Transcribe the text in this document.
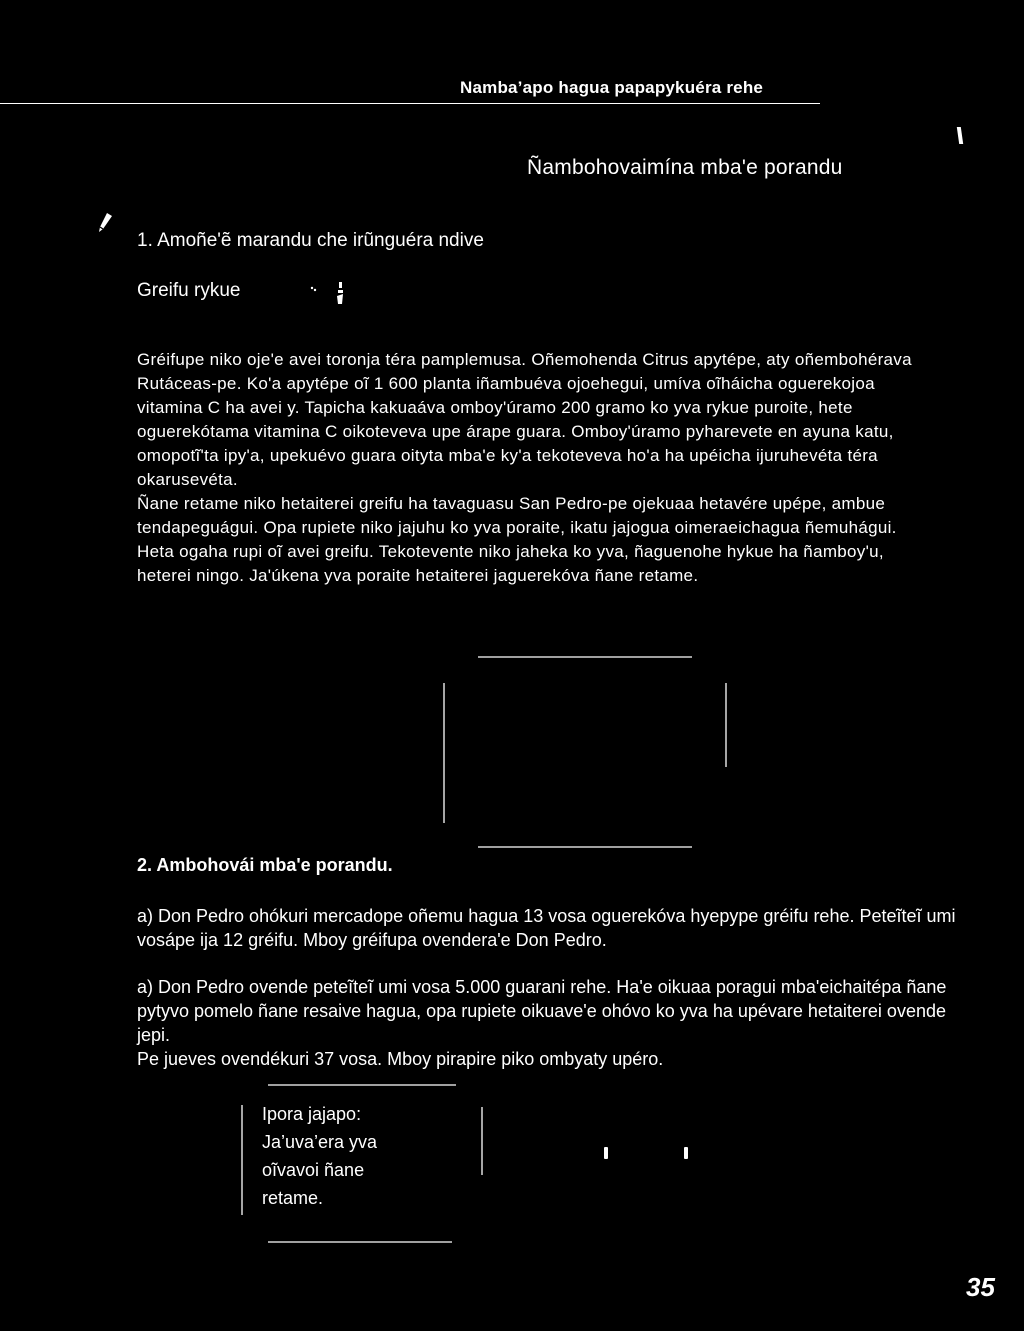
Namba’apo hagua papapykuéra rehe
Ñambohovaimína mba'e porandu
1. Amoñe'ẽ marandu che irũnguéra ndive
Greifu rykue

Gréifupe niko oje'e avei toronja téra pamplemusa. Oñemohenda Citrus apytépe, aty oñembohérava Rutáceas-pe. Ko'a apytépe oĩ 1 600 planta iñambuéva ojoehegui, umíva oĩháicha oguerekojoa vitamina C ha avei y. Tapicha kakuaáva omboy'úramo 200 gramo ko yva rykue puroite, hete oguerekótama vitamina C oikoteveva upe árape guara. Omboy'úramo pyharevete en ayuna katu, omopotĩ'ta ipy'a, upekuévo guara oityta mba'e ky'a tekoteveva ho'a ha upéicha ijuruhevéta téra okarusevéta.

Ñane retame niko hetaiterei greifu ha tavaguasu San Pedro-pe ojekuaa hetavére upépe, ambue tendapeguágui. Opa rupiete niko jajuhu ko yva poraite, ikatu jajogua oimeraeichagua ñemuhágui. Heta ogaha rupi oĩ avei greifu. Tekotevente niko jaheka ko yva, ñaguenohe hykue ha ñamboy'u, heterei ningo. Ja'úkena yva poraite hetaiterei jaguerekóva ñane retame.

2. Ambohovái mba'e porandu.

a) Don Pedro ohókuri mercadope oñemu hagua 13 vosa oguerekóva hyepype gréifu rehe. Peteĩteĩ umi vosápe ija 12 gréifu. Mboy gréifupa ovendera'e Don Pedro.

a) Don Pedro ovende peteĩteĩ umi vosa 5.000 guarani rehe. Ha'e oikuaa poragui mba'eichaitépa ñane pytyvo pomelo ñane resaive hagua, opa rupiete oikuave'e ohóvo ko yva ha upévare hetaiterei ovende jepi.

Pe jueves ovendékuri 37 vosa. Mboy pirapire piko ombyaty upéro.

Ipora jajapo:
Ja’uva’era yva
oĩvavoi ñane
retame.
35
